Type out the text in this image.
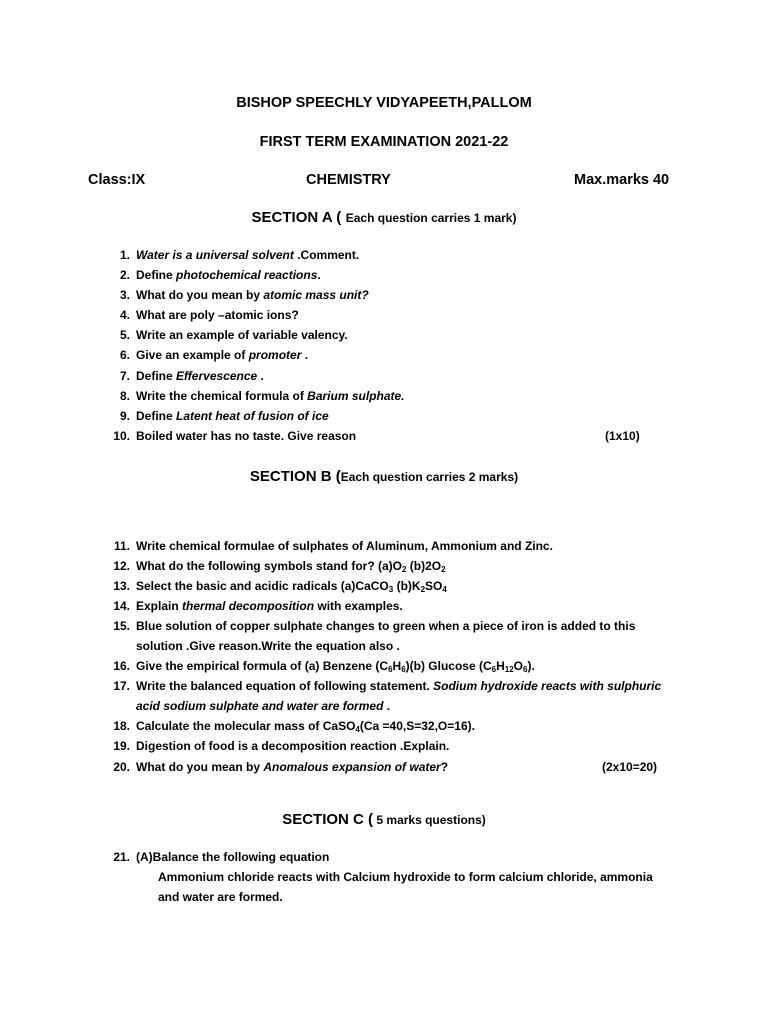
BISHOP SPEECHLY VIDYAPEETH,PALLOM
FIRST TERM EXAMINATION 2021-22
Class:IX	CHEMISTRY	Max.marks 40
SECTION A ( Each question carries 1 mark)
1. Water is a universal solvent .Comment.
2. Define photochemical reactions.
3. What do you mean by atomic mass unit?
4. What are poly –atomic ions?
5. Write an example of variable valency.
6. Give an example of promoter .
7. Define Effervescence .
8. Write the chemical formula of Barium sulphate.
9. Define Latent heat of fusion of ice
10. Boiled water has no taste. Give reason	(1x10)
SECTION B (Each question carries 2 marks)
11. Write chemical formulae of sulphates of Aluminum, Ammonium and Zinc.
12. What do the following symbols stand for? $(a)O_2$ $(b)2O_2$
13. Select the basic and acidic radicals (a)CaCO$_3$ $(b)K_2SO_4$
14. Explain thermal decomposition with examples.
15. Blue solution of copper sulphate changes to green when a piece of iron is added to this
solution .Give reason.Write the equation also .
16. Give the empirical formula of (a) Benzene $(C_6H_6)(b)$ Glucose $(C_6H_{12}O_6)$.
17. Write the balanced equation of following statement. Sodium hydroxide reacts with sulphuric
acid sodium sulphate and water are formed .
18. Calculate the molecular mass of CaSO$_4$(Ca =40,S=32,O=16).
19. Digestion of food is a decomposition reaction .Explain.
20. What do you mean by Anomalous expansion of water?	(2x10=20)
SECTION C ( 5 marks questions)
21. (A)Balance the following equation
Ammonium chloride reacts with Calcium hydroxide to form calcium chloride, ammonia
and water are formed.
